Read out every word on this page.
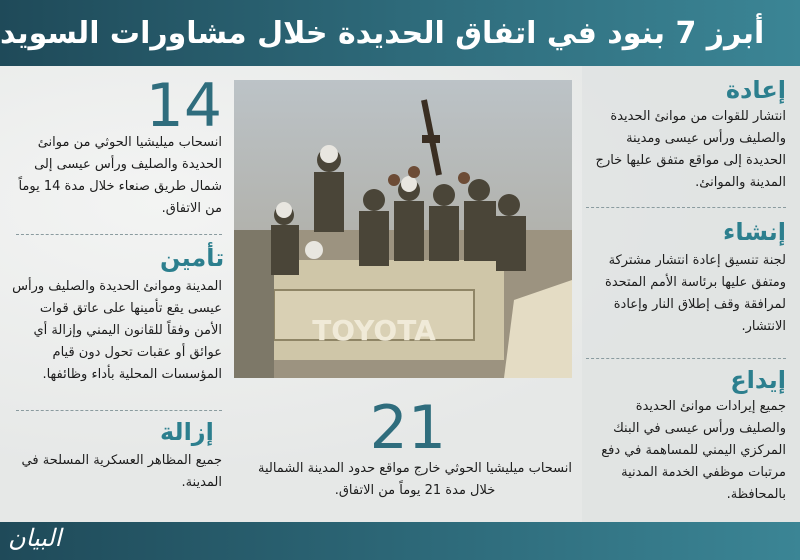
أبرز 7 بنود في اتفاق الحديدة خلال مشاورات السويد
إعادة
انتشار للقوات من موانئ الحديدة والصليف ورأس عيسى ومدينة الحديدة إلى مواقع متفق عليها خارج المدينة والموانئ.
إنشاء
لجنة تنسيق إعادة انتشار مشتركة ومتفق عليها برئاسة الأمم المتحدة لمرافقة وقف إطلاق النار وإعادة الانتشار.
إيداع
جميع إيرادات موانئ الحديدة والصليف ورأس عيسى في البنك المركزي اليمني للمساهمة في دفع مرتبات موظفي الخدمة المدنية بالمحافظة.
14
انسحاب ميليشيا الحوثي من موانئ الحديدة والصليف ورأس عيسى إلى شمال طريق صنعاء خلال مدة 14 يوماً من الاتفاق.
تأمين
المدينة وموانئ الحديدة والصليف ورأس عيسى يقع تأمينها على عاتق قوات الأمن وفقاً للقانون اليمني وإزالة أي عوائق أو عقبات تحول دون قيام المؤسسات المحلية بأداء وظائفها.
إزالة
جميع المظاهر العسكرية المسلحة في المدينة.
TOYOTA
21
انسحاب ميليشيا الحوثي خارج مواقع حدود المدينة الشمالية خلال مدة 21 يوماً من الاتفاق.
البيان
